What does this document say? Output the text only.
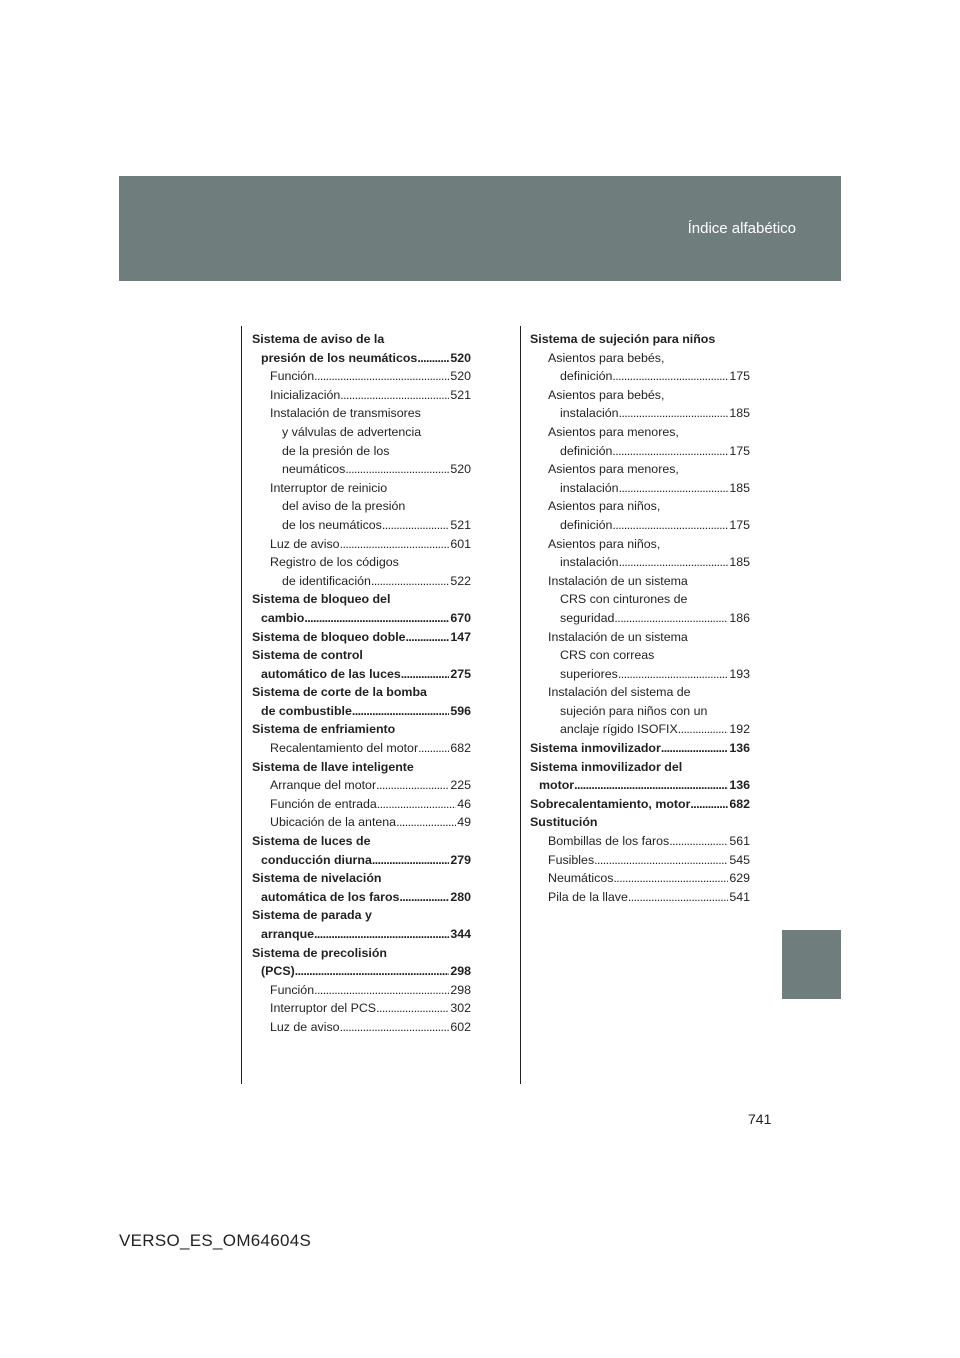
Índice alfabético
Sistema de aviso de la
presión de los neumáticos . . .	520
Función . . .	520
Inicialización . . .	521
Instalación de transmisores
y válvulas de advertencia
de la presión de los
neumáticos . . .	520
Interruptor de reinicio
del aviso de la presión
de los neumáticos . . .	521
Luz de aviso . . .	601
Registro de los códigos
de identificación . . .	522
Sistema de bloqueo del
cambio . . .	670
Sistema de bloqueo doble . . .	147
Sistema de control
automático de las luces . . .	275
Sistema de corte de la bomba
de combustible . . .	596
Sistema de enfriamiento
Recalentamiento del motor . . .	682
Sistema de llave inteligente
Arranque del motor . . .	225
Función de entrada . . .	46
Ubicación de la antena . . .	49
Sistema de luces de
conducción diurna . . .	279
Sistema de nivelación
automática de los faros . . .	280
Sistema de parada y
arranque . . .	344
Sistema de precolisión
(PCS) . . .	298
Función . . .	298
Interruptor del PCS . . .	302
Luz de aviso . . .	602
Sistema de sujeción para niños
Asientos para bebés,
definición . . .	175
Asientos para bebés,
instalación . . .	185
Asientos para menores,
definición . . .	175
Asientos para menores,
instalación . . .	185
Asientos para niños,
definición . . .	175
Asientos para niños,
instalación . . .	185
Instalación de un sistema
CRS con cinturones de
seguridad . . .	186
Instalación de un sistema
CRS con correas
superiores . . .	193
Instalación del sistema de
sujeción para niños con un
anclaje rígido ISOFIX . . .	192
Sistema inmovilizador . . .	136
Sistema inmovilizador del
motor . . .	136
Sobrecalentamiento, motor . . .	682
Sustitución
Bombillas de los faros . . .	561
Fusibles . . .	545
Neumáticos . . .	629
Pila de la llave . . .	541
741
VERSO_ES_OM64604S
